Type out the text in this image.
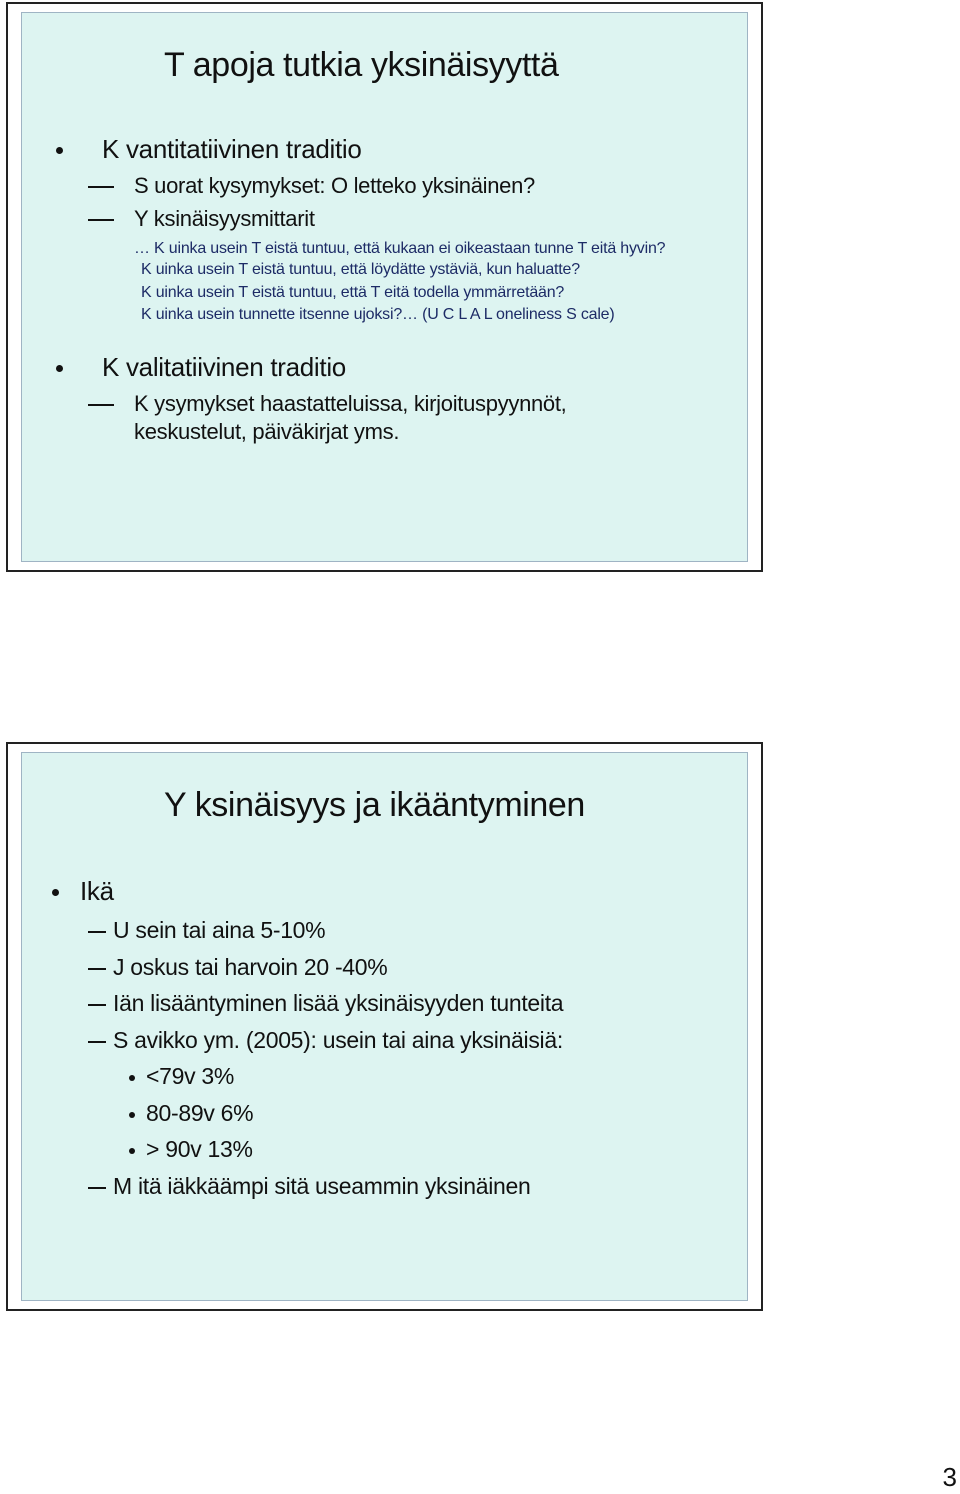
T apoja tutkia yksinäisyyttä
K vantitatiivinen traditio
S uorat kysymykset: O letteko yksinäinen?
Y ksinäisyysmittarit
… K uinka usein T eistä tuntuu, että kukaan ei oikeastaan tunne T eitä hyvin?
K uinka usein T eistä tuntuu, että löydätte ystäviä, kun haluatte?
K uinka usein T eistä tuntuu, että T eitä todella ymmärretään?
K uinka usein tunnette itsenne ujoksi?… (U C L A L oneliness S cale)
K valitatiivinen traditio
K ysymykset haastatteluissa, kirjoituspyynnöt,
keskustelut, päiväkirjat yms.
Y ksinäisyys ja ikääntyminen
Ikä
U sein tai aina 5-10%
J oskus tai harvoin 20 -40%
Iän lisääntyminen lisää yksinäisyyden tunteita
S avikko ym. (2005): usein tai aina yksinäisiä:
<79v 3%
80-89v 6%
> 90v 13%
M itä iäkkäämpi sitä useammin yksinäinen
3
